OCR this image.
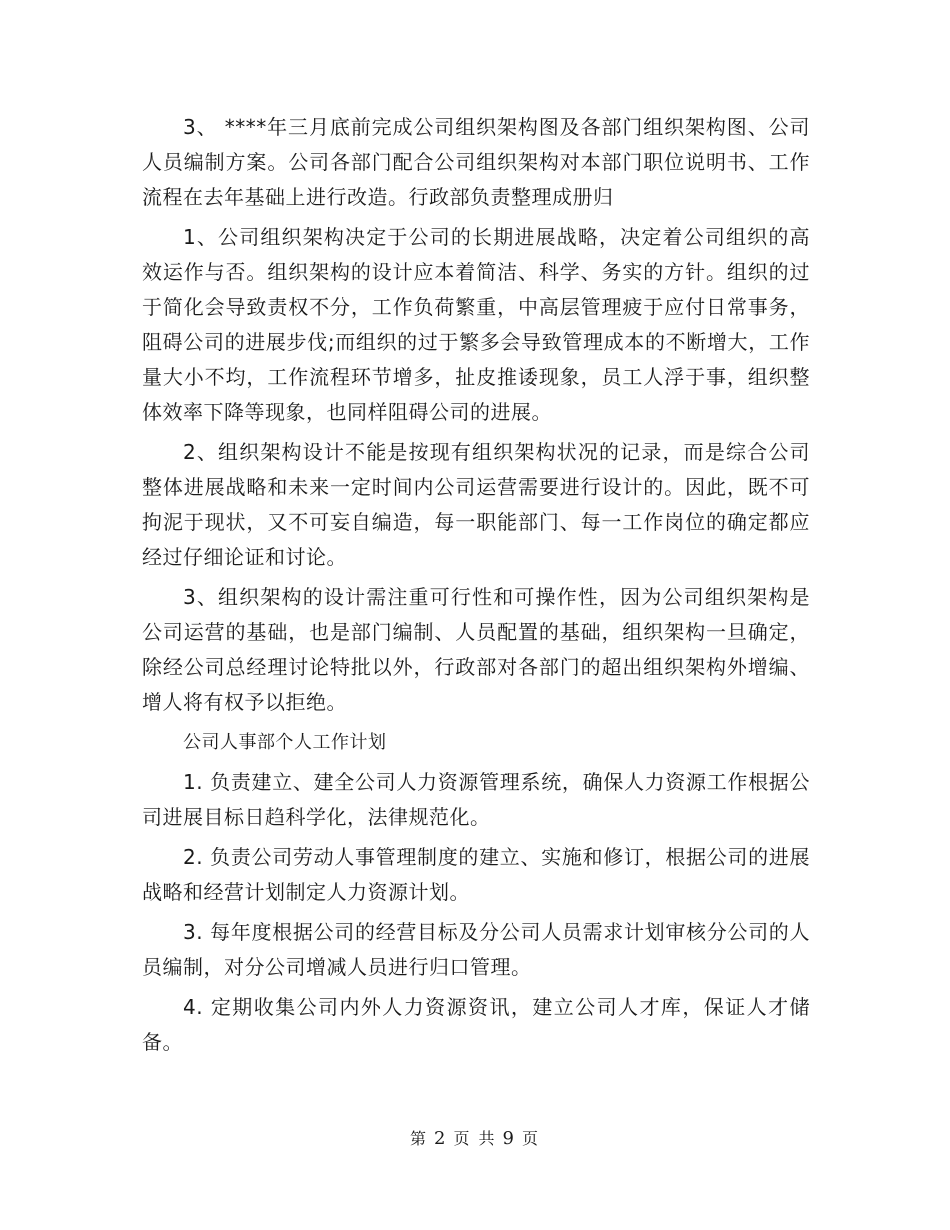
3、 ****年三月底前完成公司组织架构图及各部门组织架构图、公司人员编制方案。公司各部门配合公司组织架构对本部门职位说明书、工作流程在去年基础上进行改造。行政部负责整理成册归

1、公司组织架构决定于公司的长期进展战略，决定着公司组织的高效运作与否。组织架构的设计应本着简洁、科学、务实的方针。组织的过于简化会导致责权不分，工作负荷繁重，中高层管理疲于应付日常事务，阻碍公司的进展步伐;而组织的过于繁多会导致管理成本的不断增大，工作量大小不均，工作流程环节增多，扯皮推诿现象，员工人浮于事，组织整体效率下降等现象，也同样阻碍公司的进展。

2、组织架构设计不能是按现有组织架构状况的记录，而是综合公司整体进展战略和未来一定时间内公司运营需要进行设计的。因此，既不可拘泥于现状，又不可妄自编造，每一职能部门、每一工作岗位的确定都应经过仔细论证和讨论。

3、组织架构的设计需注重可行性和可操作性，因为公司组织架构是公司运营的基础，也是部门编制、人员配置的基础，组织架构一旦确定，除经公司总经理讨论特批以外，行政部对各部门的超出组织架构外增编、增人将有权予以拒绝。

公司人事部个人工作计划

1. 负责建立、建全公司人力资源管理系统，确保人力资源工作根据公司进展目标日趋科学化，法律规范化。

2. 负责公司劳动人事管理制度的建立、实施和修订，根据公司的进展战略和经营计划制定人力资源计划。

3. 每年度根据公司的经营目标及分公司人员需求计划审核分公司的人员编制，对分公司增减人员进行归口管理。

4. 定期收集公司内外人力资源资讯，建立公司人才库，保证人才储备。

第 2 页 共 9 页
